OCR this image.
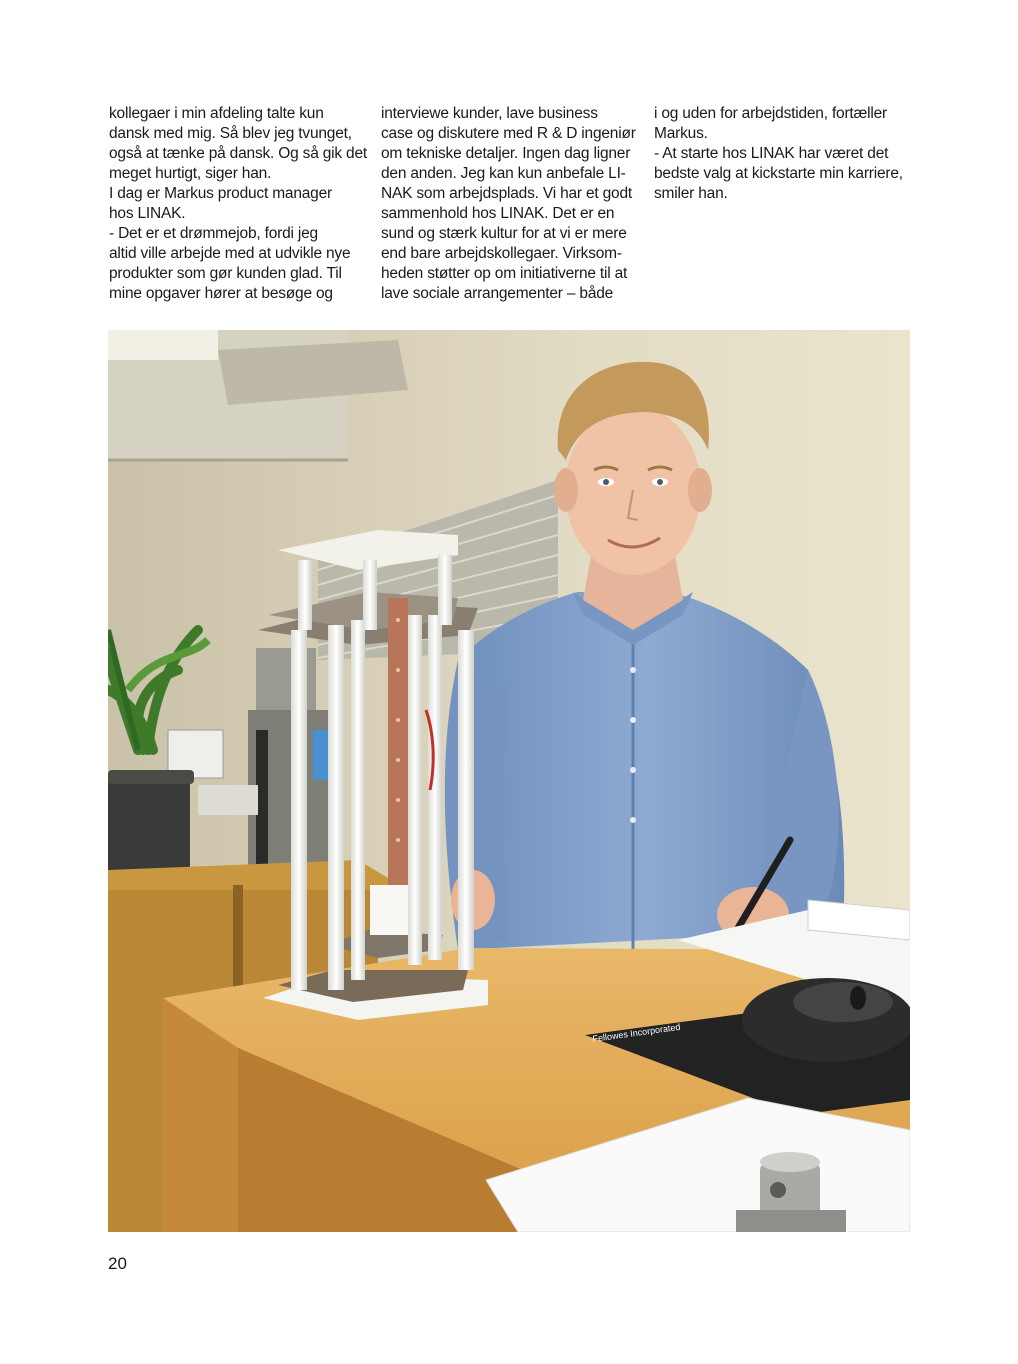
kollegaer i min afdeling talte kun
dansk med mig. Så blev jeg tvunget,
også at tænke på dansk. Og så gik det
meget hurtigt, siger han.

I dag er Markus product manager
hos LINAK.

- Det er et drømmejob, fordi jeg
altid ville arbejde med at udvikle nye
produkter som gør kunden glad. Til
mine opgaver hører at besøge og

interviewe kunder, lave business
case og diskutere med R & D ingeniør
om tekniske detaljer. Ingen dag ligner
den anden. Jeg kan kun anbefale LI-
NAK som arbejdsplads. Vi har et godt
sammenhold hos LINAK. Det er en
sund og stærk kultur for at vi er mere
end bare arbejdskollegaer. Virksom-
heden støtter op om initiativerne til at
lave sociale arrangementer – både

i og uden for arbejdstiden, fortæller
Markus.

- At starte hos LINAK har været det
bedste valg at kickstarte min karriere,
smiler han.

Fellowes Incorporated
20
